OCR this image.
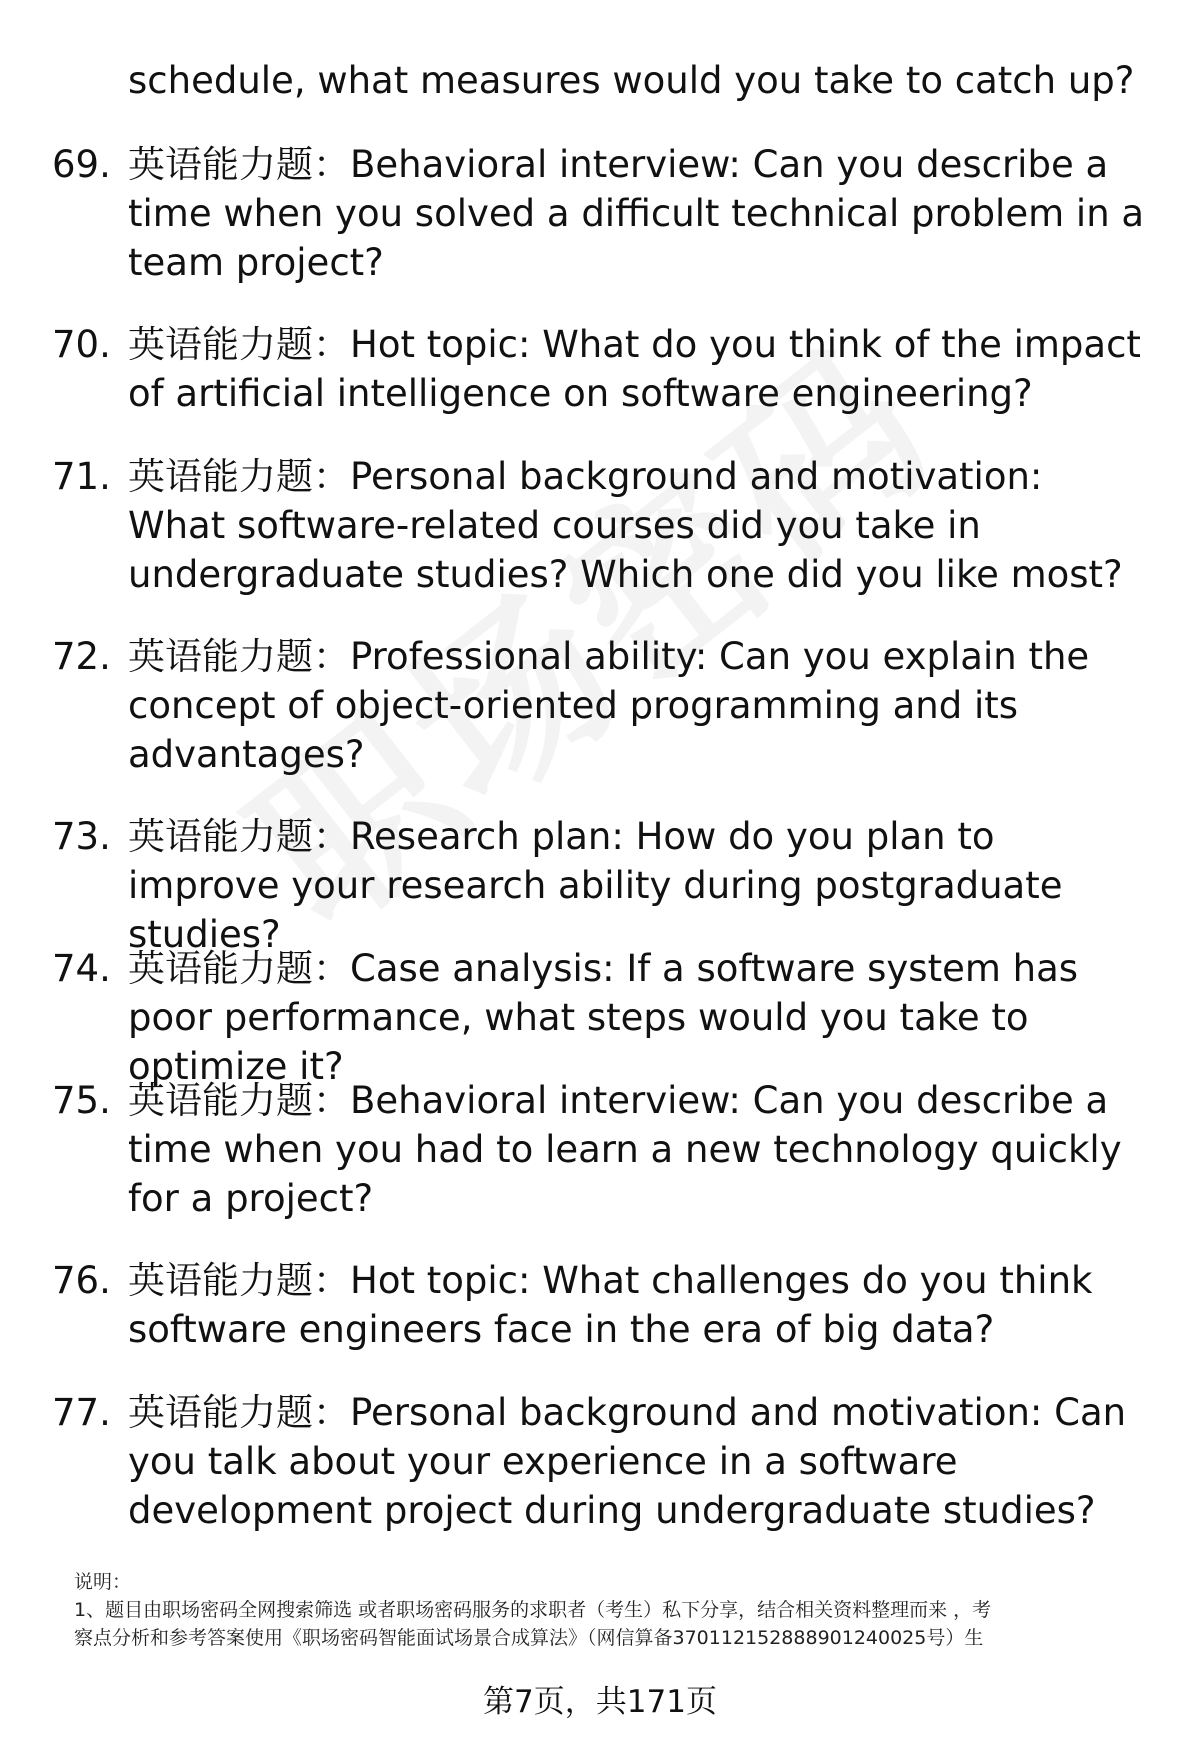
schedule, what measures would you take to catch up?
69. 英语能力题：Behavioral interview: Can you describe a time when you solved a difficult technical problem in a team project?
70. 英语能力题：Hot topic: What do you think of the impact of artificial intelligence on software engineering?
71. 英语能力题：Personal background and motivation: What software-related courses did you take in undergraduate studies? Which one did you like most?
72. 英语能力题：Professional ability: Can you explain the concept of object-oriented programming and its advantages?
73. 英语能力题：Research plan: How do you plan to improve your research ability during postgraduate studies?
74. 英语能力题：Case analysis: If a software system has poor performance, what steps would you take to optimize it?
75. 英语能力题：Behavioral interview: Can you describe a time when you had to learn a new technology quickly for a project?
76. 英语能力题：Hot topic: What challenges do you think software engineers face in the era of big data?
77. 英语能力题：Personal background and motivation: Can you talk about your experience in a software development project during undergraduate studies?
说明：
1、题目由职场密码全网搜索筛选 或者职场密码服务的求职者（考生）私下分享，结合相关资料整理而来 ，考
察点分析和参考答案使用《职场密码智能面试场景合成算法》（网信算备370112152888901240025号）生
第7页，共171页
